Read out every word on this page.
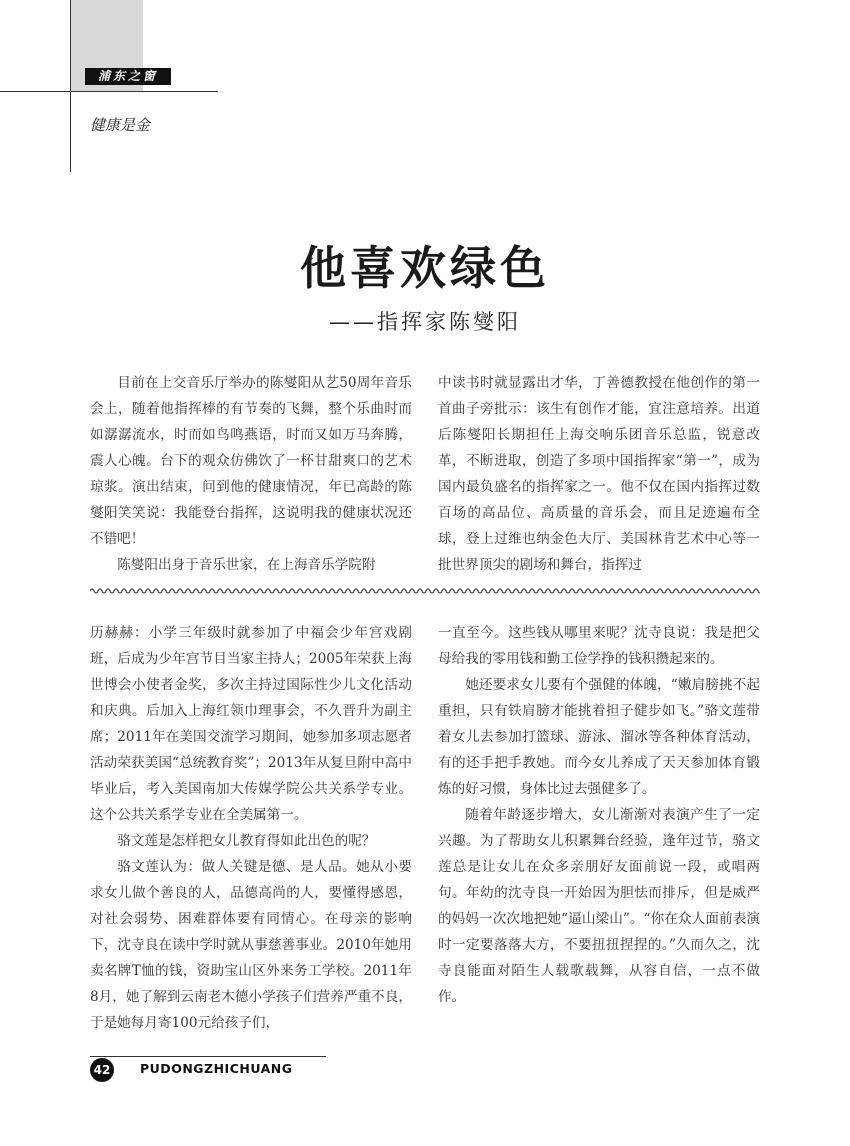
浦东之窗
健康是金
他喜欢绿色
——指挥家陈燮阳

目前在上交音乐厅举办的陈燮阳从艺50周年音乐会上，随着他指挥棒的有节奏的飞舞，整个乐曲时而如潺潺流水，时而如鸟鸣燕语，时而又如万马奔腾，震人心魄。台下的观众仿佛饮了一杯甘甜爽口的艺术琼浆。演出结束，问到他的健康情况，年已高龄的陈燮阳笑笑说：我能登台指挥，这说明我的健康状况还不错吧！

陈燮阳出身于音乐世家，在上海音乐学院附

中读书时就显露出才华，丁善德教授在他创作的第一首曲子旁批示：该生有创作才能，宜注意培养。出道后陈燮阳长期担任上海交响乐团音乐总监，锐意改革，不断进取，创造了多项中国指挥家“第一”，成为国内最负盛名的指挥家之一。他不仅在国内指挥过数百场的高品位、高质量的音乐会，而且足迹遍布全球，登上过维也纳金色大厅、美国林肯艺术中心等一批世界顶尖的剧场和舞台，指挥过

历赫赫：小学三年级时就参加了中福会少年宫戏剧班，后成为少年宫节目当家主持人；2005年荣获上海世博会小使者金奖，多次主持过国际性少儿文化活动和庆典。后加入上海红领巾理事会，不久晋升为副主席；2011年在美国交流学习期间，她参加多项志愿者活动荣获美国“总统教育奖”；2013年从复旦附中高中毕业后，考入美国南加大传媒学院公共关系学专业。这个公共关系学专业在全美属第一。

骆文莲是怎样把女儿教育得如此出色的呢？

骆文莲认为：做人关键是德、是人品。她从小要求女儿做个善良的人，品德高尚的人，要懂得感恩，对社会弱势、困难群体要有同情心。在母亲的影响下，沈寺良在读中学时就从事慈善事业。2010年她用卖名牌T恤的钱，资助宝山区外来务工学校。2011年8月，她了解到云南老木德小学孩子们营养严重不良，于是她每月寄100元给孩子们，

一直至今。这些钱从哪里来呢？沈寺良说：我是把父母给我的零用钱和勤工俭学挣的钱积攒起来的。

她还要求女儿要有个强健的体魄，“嫩肩膀挑不起重担，只有铁肩膀才能挑着担子健步如飞。”骆文莲带着女儿去参加打篮球、游泳、溜冰等各种体育活动，有的还手把手教她。而今女儿养成了天天参加体育锻炼的好习惯，身体比过去强健多了。

随着年龄逐步增大，女儿渐渐对表演产生了一定兴趣。为了帮助女儿积累舞台经验，逢年过节，骆文莲总是让女儿在众多亲朋好友面前说一段，或唱两句。年幼的沈寺良一开始因为胆怯而排斥，但是威严的妈妈一次次地把她“逼山梁山”。“你在众人面前表演时一定要落落大方，不要扭扭捏捏的。”久而久之，沈寺良能面对陌生人载歌载舞，从容自信，一点不做作。

42 PUDONGZHICHUANG
